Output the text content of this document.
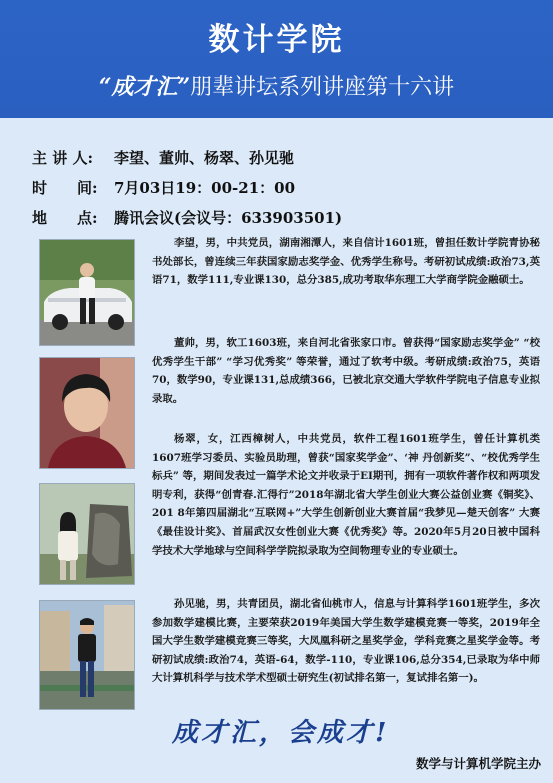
数计学院
“成才汇”朋辈讲坛系列讲座第十六讲
主 讲 人: 李望、董帅、杨翠、孙见驰
时　　间: 7月03日19：00-21：00
地　　点: 腾讯会议(会议号：633903501)

李望，男，中共党员，湖南湘潭人，来自信计1601班，曾担任数计学院青协秘书处部长，曾连续三年获国家励志奖学金、优秀学生称号。考研初试成绩:政治73,英语71，数学111,专业课130，总分385,成功考取华东理工大学商学院金融硕士。

董帅，男，软工1603班，来自河北省张家口市。曾获得“国家励志奖学金” “校优秀学生干部” “学习优秀奖” 等荣誉，通过了软考中级。考研成绩:政治75，英语70，数学90，专业课131,总成绩366，已被北京交通大学软件学院电子信息专业拟录取。

杨翠，女，江西樟树人，中共党员，软件工程1601班学生，曾任计算机类1607班学习委员、实验员助理，曾获“国家奖学金”、‘神 丹创新奖”、“校优秀学生标兵” 等，期间发表过一篇学术论文并收录于EI期刊，拥有一项软件著作权和两项发明专利，获得“创青春.汇得行”2018年湖北省大学生创业大赛公益创业赛《铜奖》、201 8年第四届湖北“互联网+”大学生创新创业大赛首届“我梦见—楚天创客” 大赛《最佳设计奖》、首届武汉女性创业大赛《优秀奖》等。2020年5月20日被中国科学技术大学地球与空间科学学院拟录取为空间物理专业的专业硕士。

孙见驰，男，共青团员，湖北省仙桃市人，信息与计算科学1601班学生，多次参加数学建模比赛，主要荣获2019年美国大学生数学建模竞赛一等奖，2019年全国大学生数学建模竞赛三等奖，大凤凰科研之星奖学金，学科竞赛之星奖学金等。考研初试成绩:政治74，英语-64，数学-110，专业课106,总分354,已录取为华中师大计算机科学与技术学术型硕士研究生(初试排名第一，复试排名第一)。

成才汇，会成才!
数学与计算机学院主办
